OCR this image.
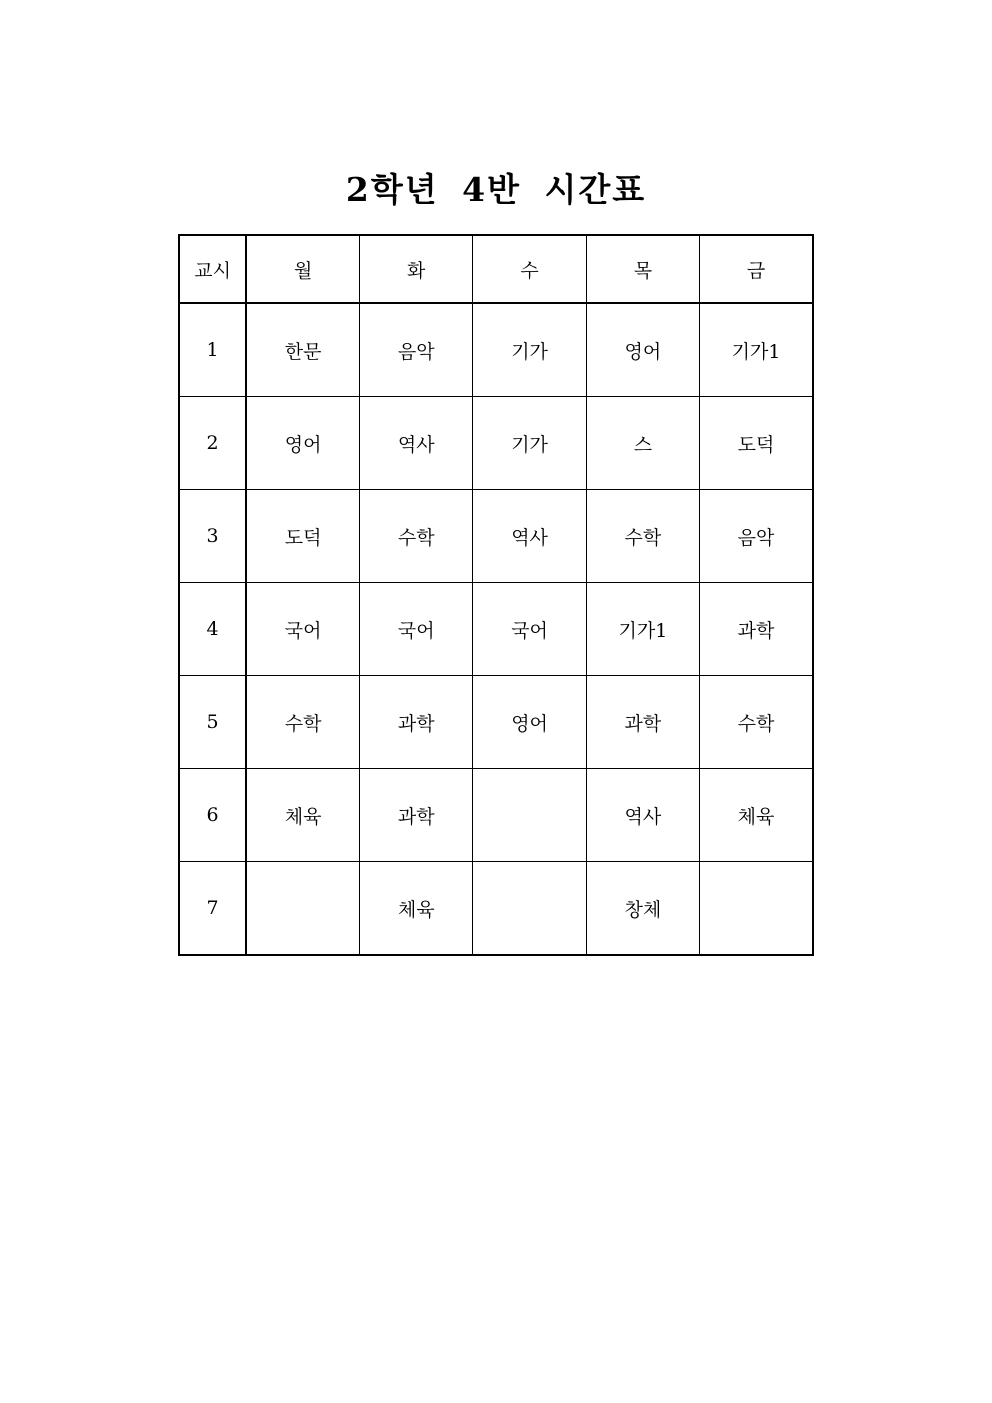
2학년 4반 시간표
교시	월	화	수	목	금
1	한문	음악	기가	영어	기가1
2	영어	역사	기가	스	도덕
3	도덕	수학	역사	수학	음악
4	국어	국어	국어	기가1	과학
5	수학	과학	영어	과학	수학
6	체육	과학		역사	체육
7		체육		창체	
